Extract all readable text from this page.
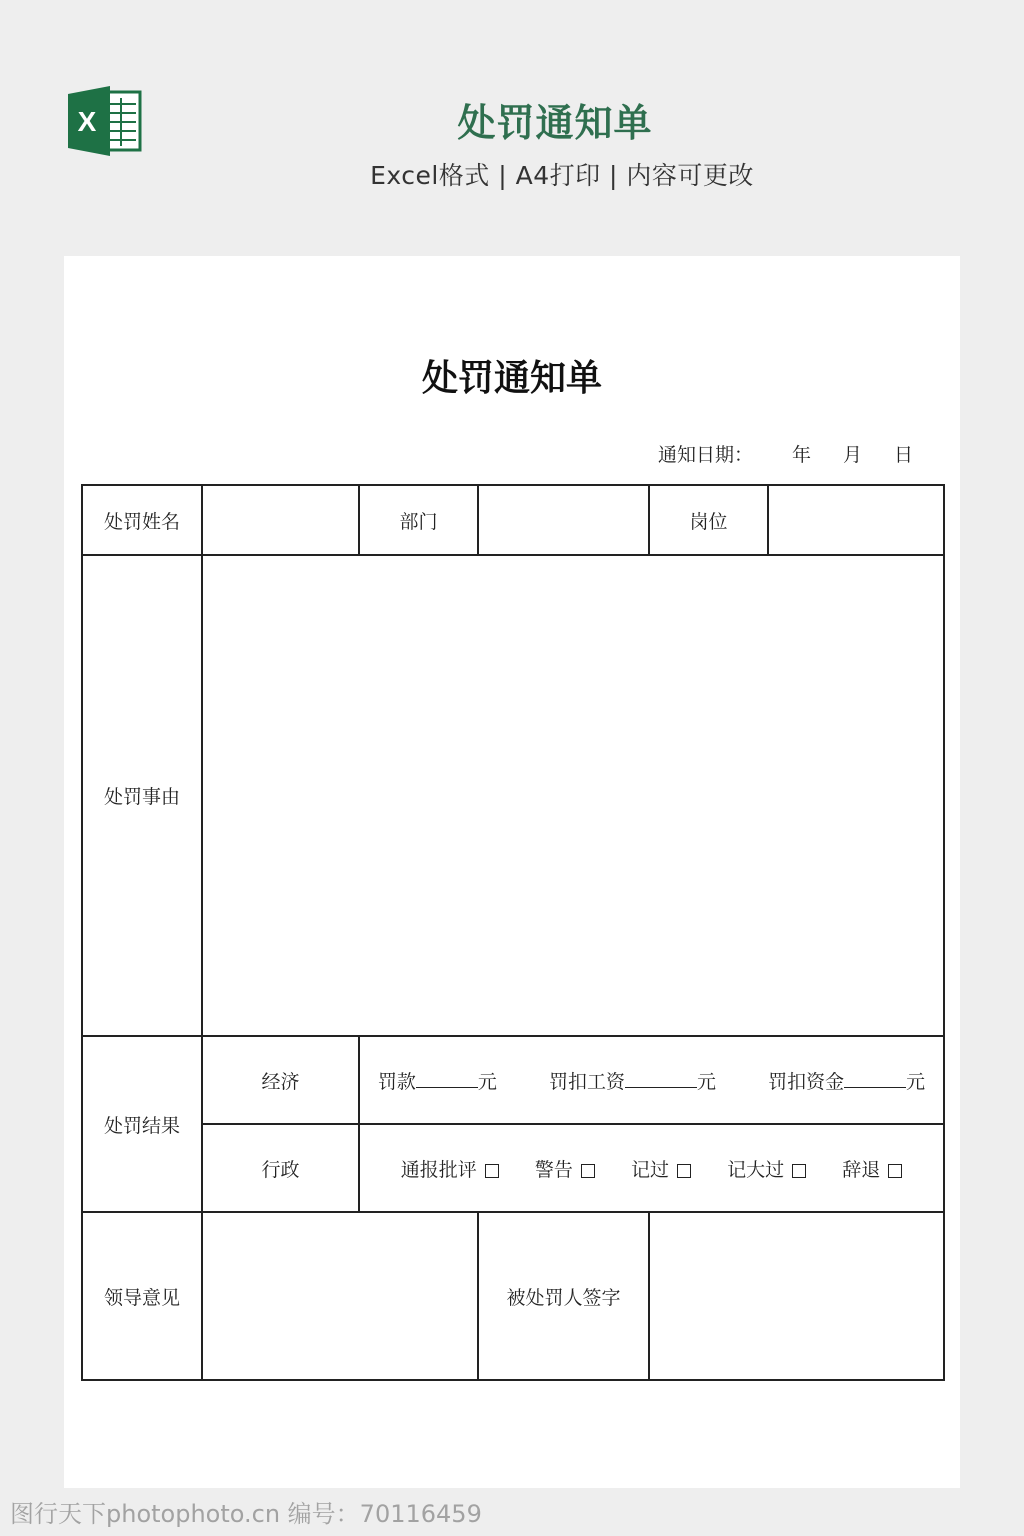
X	处罚通知单
Excel格式 | A4打印 | 内容可更改
处罚通知单
通知日期： 年 月 日
处罚姓名		部门		岗位	
处罚事由					
处罚结果	经济	罚款 元 罚扣工资 元 罚扣资金 元			

	行政	通报批评 警告 记过 记大过 辞退			

领导意见			被处罚人签字		
图行天下photophoto.cn 编号：70116459
